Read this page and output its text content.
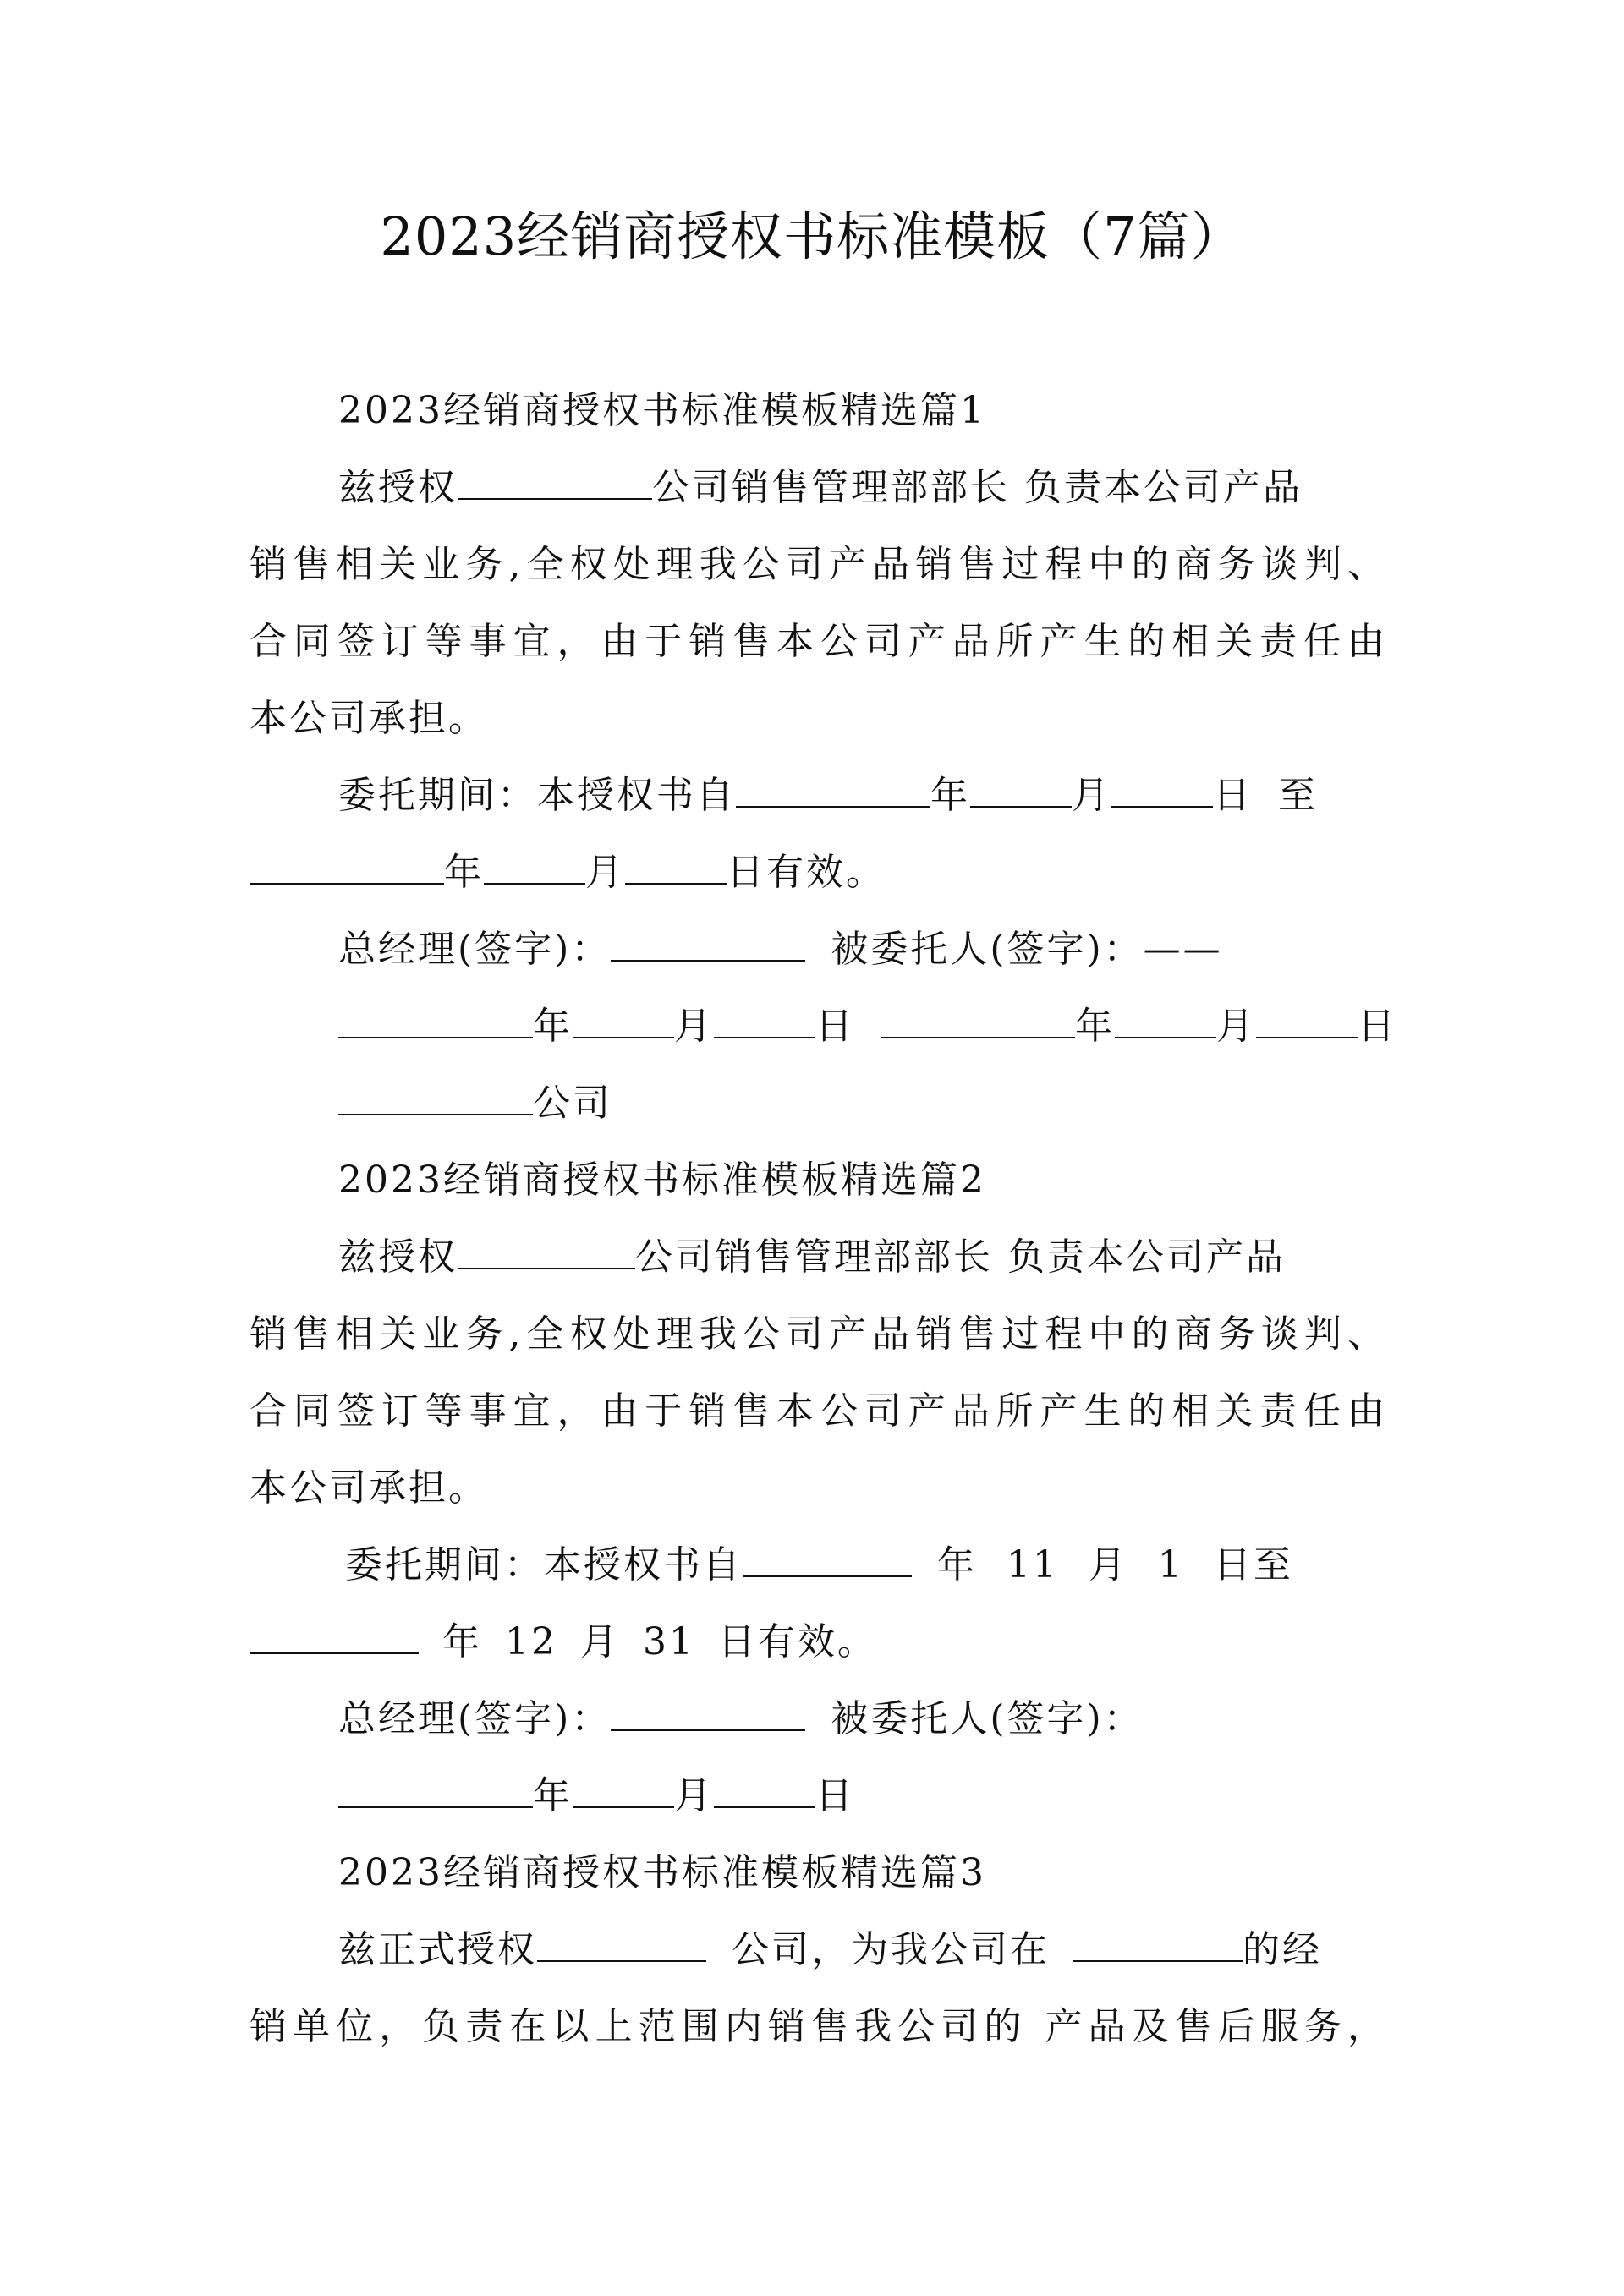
2023经销商授权书标准模板（7篇）
2023经销商授权书标准模板精选篇1
兹授权	公司销售管理部部长 负责本公司产品
销售相关业务,全权处理我公司产品销售过程中的商务谈判、
合同签订等事宜，由于销售本公司产品所产生的相关责任由
本公司承担。
委托期间：本授权书自	年	月	日 至
年	月	日有效。
总经理(签字)：	被委托人(签字)：——
年	月	日	年	月	日
公司
2023经销商授权书标准模板精选篇2
兹授权	公司销售管理部部长 负责本公司产品
销售相关业务,全权处理我公司产品销售过程中的商务谈判、
合同签订等事宜，由于销售本公司产品所产生的相关责任由
本公司承担。
委托期间：本授权书自	年 11 月 1 日至
年 12 月 31 日有效。
总经理(签字)：	被委托人(签字)：
年	月	日
2023经销商授权书标准模板精选篇3
兹正式授权	公司，为我公司在	的经
销单位，负责在以上范围内销售我公司的 产品及售后服务，
